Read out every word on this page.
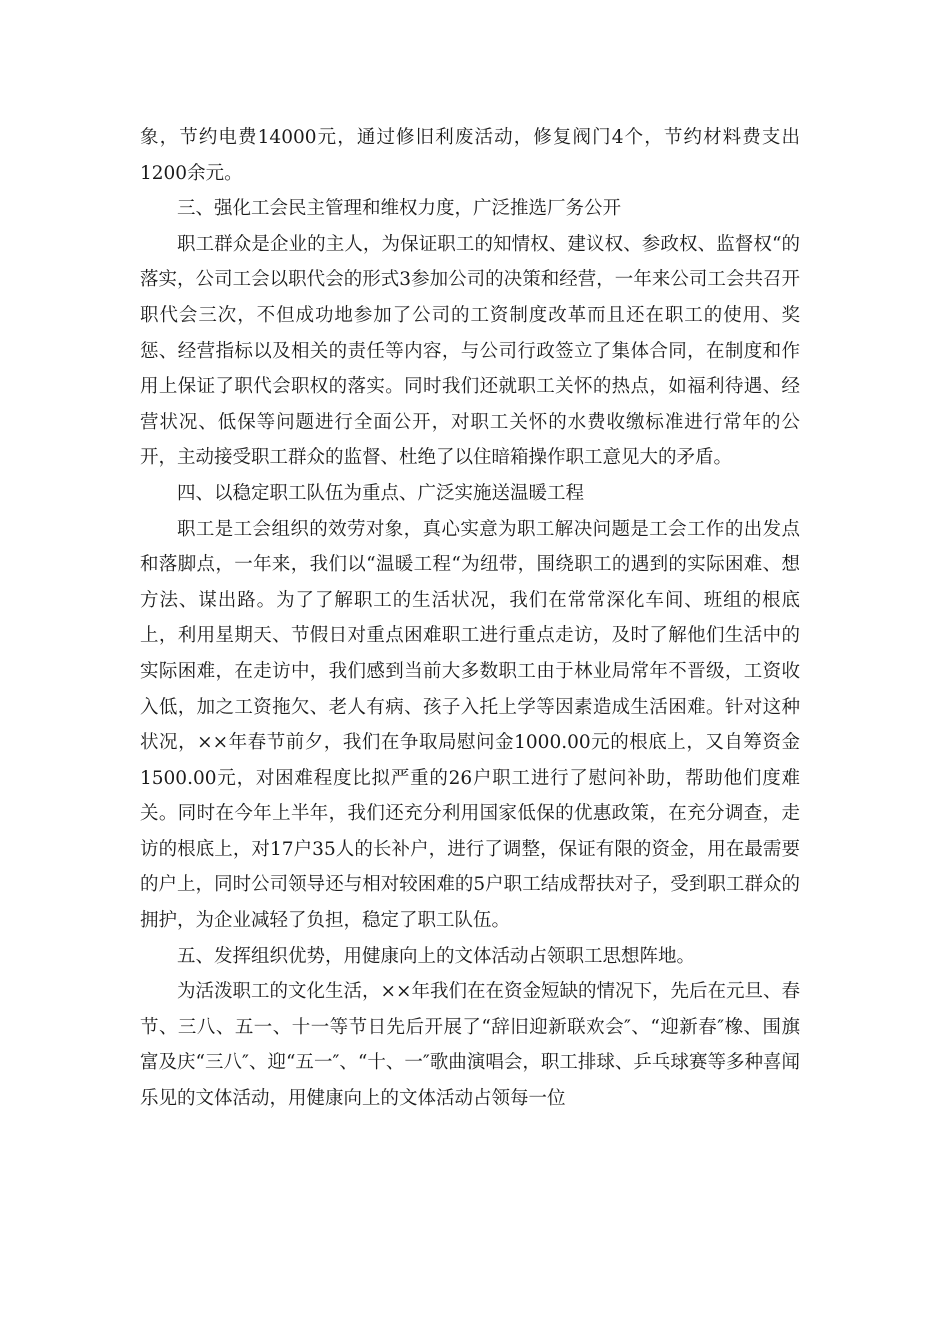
象，节约电费14000元，通过修旧利废活动，修复阀门4个，节约材料费支出1200余元。

三、强化工会民主管理和维权力度，广泛推选厂务公开

职工群众是企业的主人，为保证职工的知情权、建议权、参政权、监督权“的落实，公司工会以职代会的形式3参加公司的决策和经营，一年来公司工会共召开职代会三次，不但成功地参加了公司的工资制度改革而且还在职工的使用、奖惩、经营指标以及相关的责任等内容，与公司行政签立了集体合同，在制度和作用上保证了职代会职权的落实。同时我们还就职工关怀的热点，如福利待遇、经营状况、低保等问题进行全面公开，对职工关怀的水费收缴标准进行常年的公开，主动接受职工群众的监督、杜绝了以住暗箱操作职工意见大的矛盾。

四、以稳定职工队伍为重点、广泛实施送温暖工程

职工是工会组织的效劳对象，真心实意为职工解决问题是工会工作的出发点和落脚点，一年来，我们以“温暖工程“为纽带，围绕职工的遇到的实际困难、想方法、谋出路。为了了解职工的生活状况，我们在常常深化车间、班组的根底上，利用星期天、节假日对重点困难职工进行重点走访，及时了解他们生活中的实际困难，在走访中，我们感到当前大多数职工由于林业局常年不晋级，工资收入低，加之工资拖欠、老人有病、孩子入托上学等因素造成生活困难。针对这种状况，××年春节前夕，我们在争取局慰问金1000.00元的根底上，又自筹资金1500.00元，对困难程度比拟严重的26户职工进行了慰问补助，帮助他们度难关。同时在今年上半年，我们还充分利用国家低保的优惠政策，在充分调查，走访的根底上，对17户35人的长补户，进行了调整，保证有限的资金，用在最需要的户上，同时公司领导还与相对较困难的5户职工结成帮扶对子，受到职工群众的拥护，为企业减轻了负担，稳定了职工队伍。

五、发挥组织优势，用健康向上的文体活动占领职工思想阵地。

为活泼职工的文化生活，××年我们在在资金短缺的情况下，先后在元旦、春节、三八、五一、十一等节日先后开展了“辞旧迎新联欢会″、“迎新春″橡、围旗富及庆“三八″、迎“五一″、“十、一″歌曲演唱会，职工排球、乒乓球赛等多种喜闻乐见的文体活动，用健康向上的文体活动占领每一位
